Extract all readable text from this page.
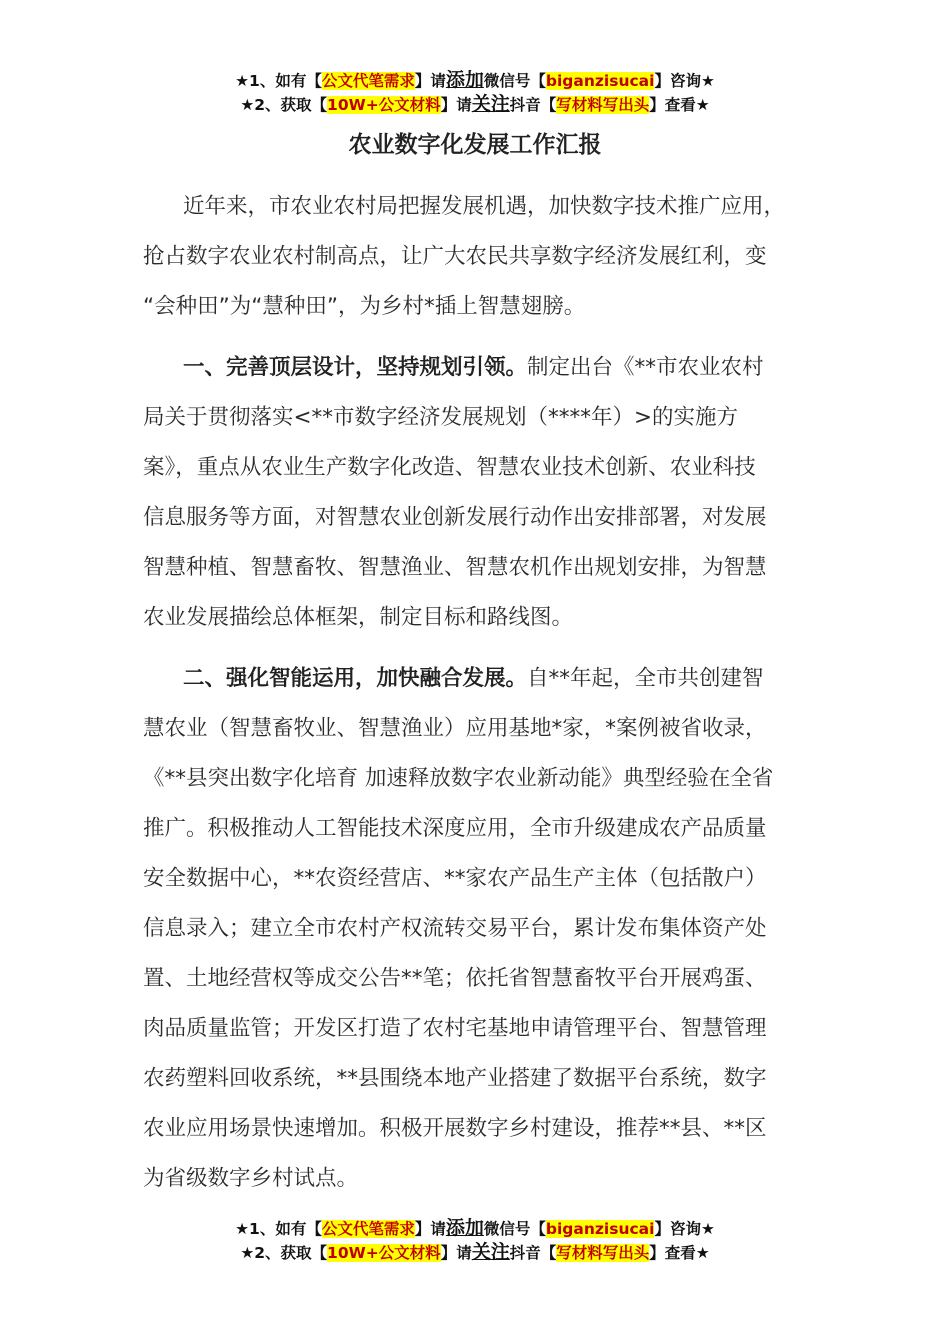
★1、如有【公文代笔需求】请添加微信号【biganzisucai】咨询★
★2、获取【10W+公文材料】请关注抖音【写材料写出头】查看★
农业数字化发展工作汇报
近年来，市农业农村局把握发展机遇，加快数字技术推广应用，
抢占数字农业农村制高点，让广大农民共享数字经济发展红利，变
“会种田”为“慧种田”，为乡村*插上智慧翅膀。
一、完善顶层设计，坚持规划引领。制定出台《**市农业农村
局关于贯彻落实<**市数字经济发展规划（****年）>的实施方
案》，重点从农业生产数字化改造、智慧农业技术创新、农业科技
信息服务等方面，对智慧农业创新发展行动作出安排部署，对发展
智慧种植、智慧畜牧、智慧渔业、智慧农机作出规划安排，为智慧
农业发展描绘总体框架，制定目标和路线图。
二、强化智能运用，加快融合发展。自**年起，全市共创建智
慧农业（智慧畜牧业、智慧渔业）应用基地*家，*案例被省收录，
《**县突出数字化培育 加速释放数字农业新动能》典型经验在全省
推广。积极推动人工智能技术深度应用，全市升级建成农产品质量
安全数据中心，**农资经营店、**家农产品生产主体（包括散户）
信息录入；建立全市农村产权流转交易平台，累计发布集体资产处
置、土地经营权等成交公告**笔；依托省智慧畜牧平台开展鸡蛋、
肉品质量监管；开发区打造了农村宅基地申请管理平台、智慧管理
农药塑料回收系统，**县围绕本地产业搭建了数据平台系统，数字
农业应用场景快速增加。积极开展数字乡村建设，推荐**县、**区
为省级数字乡村试点。
★1、如有【公文代笔需求】请添加微信号【biganzisucai】咨询★
★2、获取【10W+公文材料】请关注抖音【写材料写出头】查看★
